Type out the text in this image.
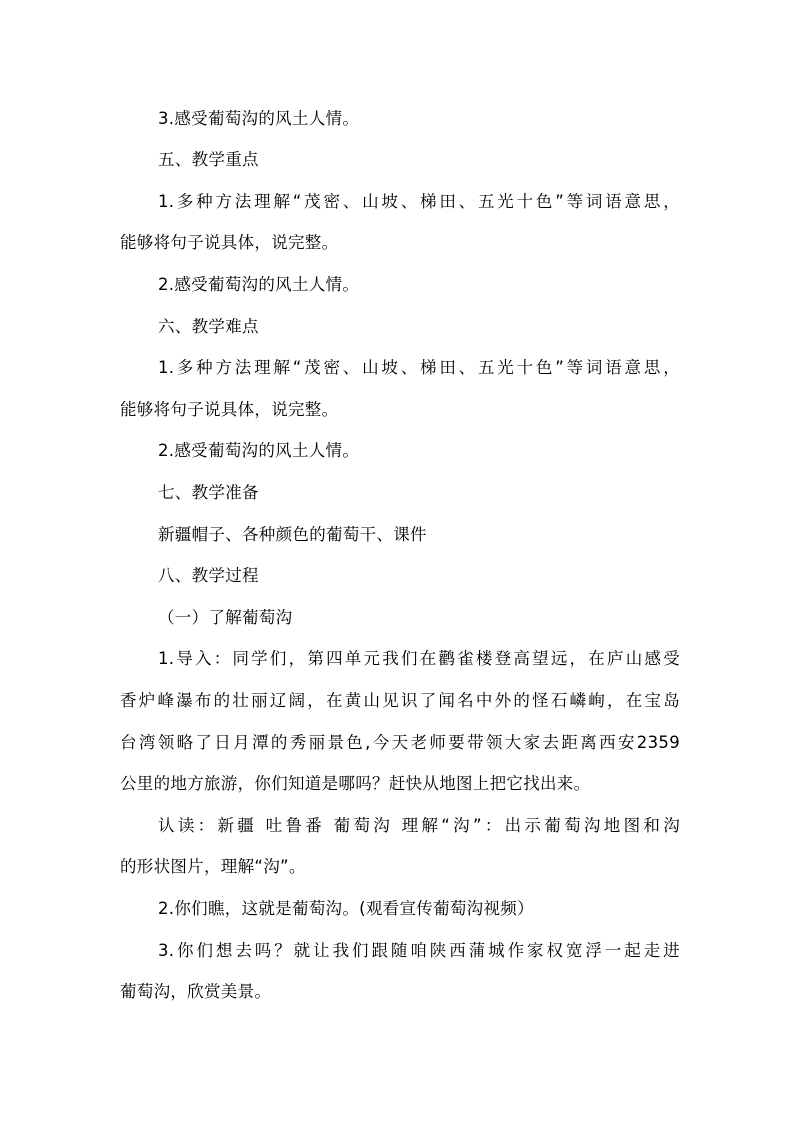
3.感受葡萄沟的风土人情。
五、教学重点
1.多种方法理解“茂密、山坡、梯田、五光十色”等词语意思，
能够将句子说具体，说完整。
2.感受葡萄沟的风土人情。
六、教学难点
1.多种方法理解“茂密、山坡、梯田、五光十色”等词语意思，
能够将句子说具体，说完整。
2.感受葡萄沟的风土人情。
七、教学准备
新疆帽子、各种颜色的葡萄干、课件
八、教学过程
（一）了解葡萄沟
1.导入：同学们，第四单元我们在鹳雀楼登高望远，在庐山感受
香炉峰瀑布的壮丽辽阔，在黄山见识了闻名中外的怪石嶙峋，在宝岛
台湾领略了日月潭的秀丽景色,今天老师要带领大家去距离西安2359
公里的地方旅游，你们知道是哪吗？赶快从地图上把它找出来。
认读：新疆 吐鲁番 葡萄沟 理解“沟”：出示葡萄沟地图和沟
的形状图片，理解“沟”。
2.你们瞧，这就是葡萄沟。(观看宣传葡萄沟视频）
3.你们想去吗？就让我们跟随咱陕西蒲城作家权宽浮一起走进
葡萄沟，欣赏美景。
